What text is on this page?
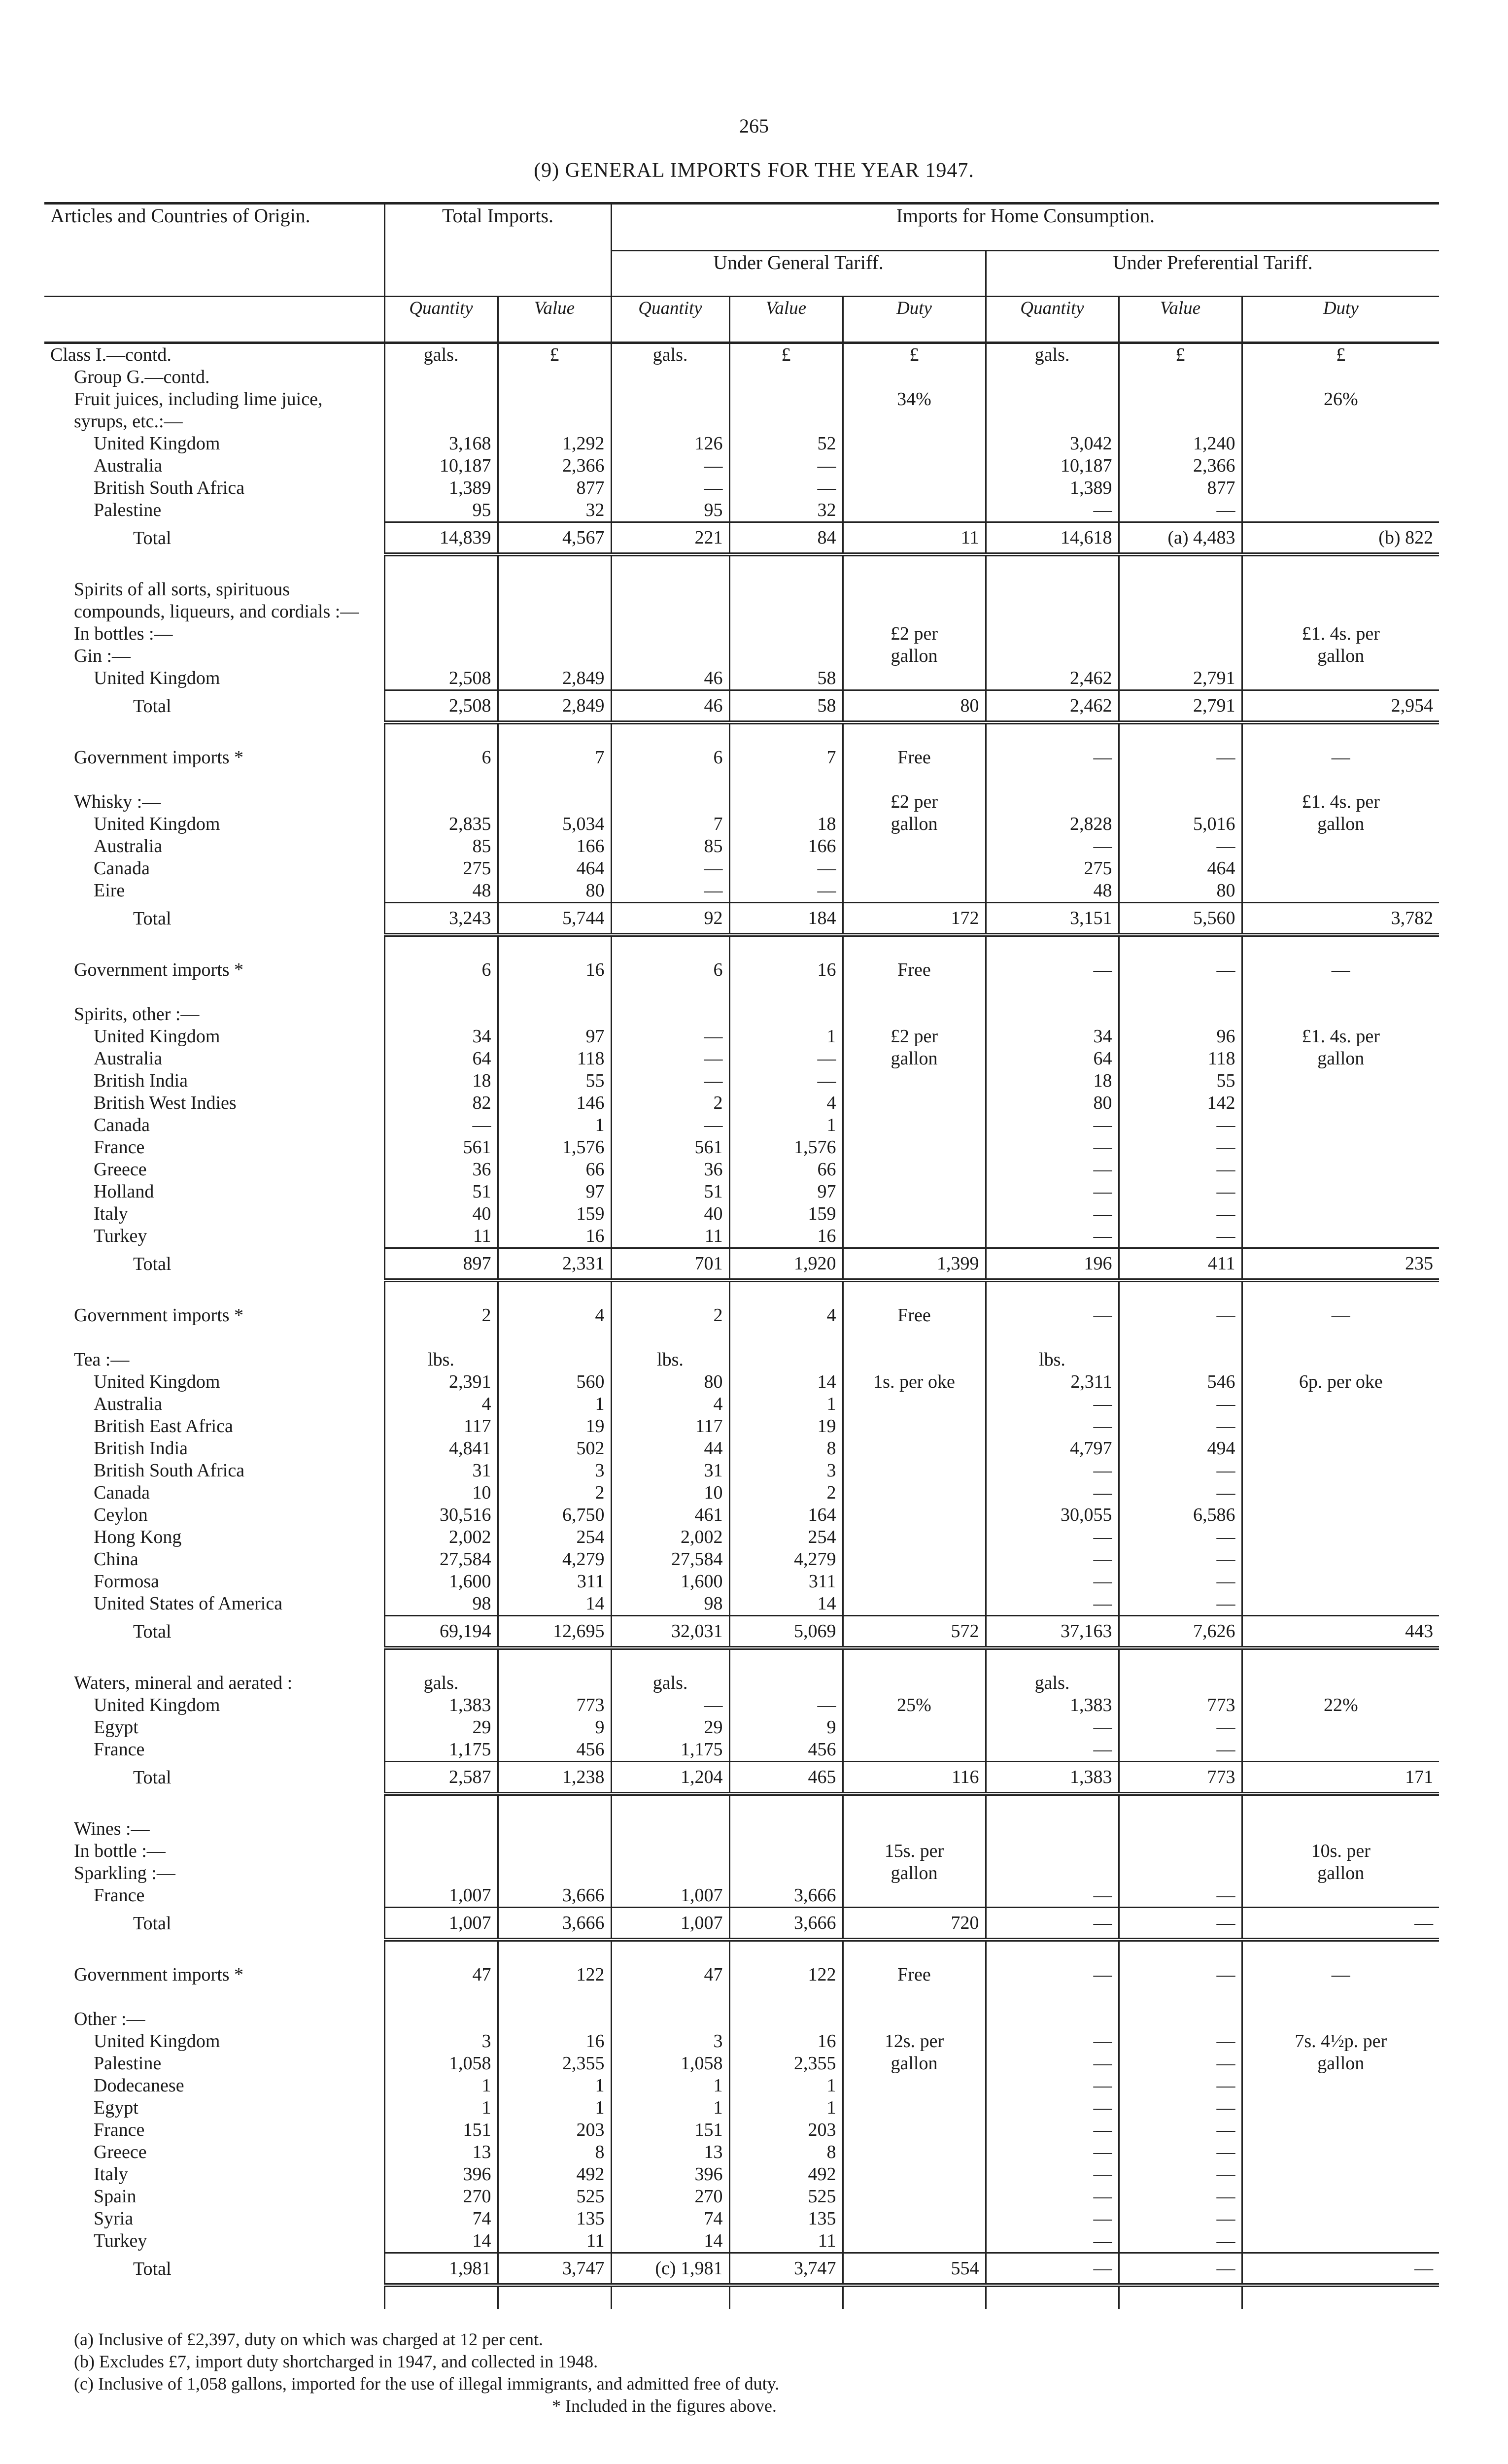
265
(9) GENERAL IMPORTS FOR THE YEAR 1947.
Articles and Countries of Origin.	Total Imports.		Imports for Home Consumption.					
			Under General Tariff.			Under Preferential Tariff.		
	Quantity	Value	Quantity	Value	Duty	Quantity	Value	Duty
Class I.—contd.	gals.	£	gals.	£	£	gals.	£	£
Group G.—contd.								
Fruit juices, including lime juice, syrups, etc.:—					34%			26%
United Kingdom	3,168	1,292	126	52		3,042	1,240	
Australia	10,187	2,366	—	—		10,187	2,366	
British South Africa	1,389	877	—	—		1,389	877	
Palestine	95	32	95	32		—	—	
Total	14,839	4,567	221	84	11	14,618	(a) 4,483	(b) 822

Spirits of all sorts, spirituous compounds, liqueurs, and cordials :—								
In bottles :—					£2 per			£1. 4s. per
Gin :—					gallon			gallon
United Kingdom	2,508	2,849	46	58		2,462	2,791	
Total	2,508	2,849	46	58	80	2,462	2,791	2,954

Government imports *	6	7	6	7	Free	—	—	—

Whisky :—					£2 per			£1. 4s. per
United Kingdom	2,835	5,034	7	18	gallon	2,828	5,016	gallon
Australia	85	166	85	166		—	—	
Canada	275	464	—	—		275	464	
Eire	48	80	—	—		48	80	
Total	3,243	5,744	92	184	172	3,151	5,560	3,782

Government imports *	6	16	6	16	Free	—	—	—

Spirits, other :—								
United Kingdom	34	97	—	1	£2 per	34	96	£1. 4s. per
Australia	64	118	—	—	gallon	64	118	gallon
British India	18	55	—	—		18	55	
British West Indies	82	146	2	4		80	142	
Canada	—	1	—	1		—	—	
France	561	1,576	561	1,576		—	—	
Greece	36	66	36	66		—	—	
Holland	51	97	51	97		—	—	
Italy	40	159	40	159		—	—	
Turkey	11	16	11	16		—	—	
Total	897	2,331	701	1,920	1,399	196	411	235

Government imports *	2	4	2	4	Free	—	—	—

Tea :—	lbs.		lbs.			lbs.		
United Kingdom	2,391	560	80	14	1s. per oke	2,311	546	6p. per oke
Australia	4	1	4	1		—	—	
British East Africa	117	19	117	19		—	—	
British India	4,841	502	44	8		4,797	494	
British South Africa	31	3	31	3		—	—	
Canada	10	2	10	2		—	—	
Ceylon	30,516	6,750	461	164		30,055	6,586	
Hong Kong	2,002	254	2,002	254		—	—	
China	27,584	4,279	27,584	4,279		—	—	
Formosa	1,600	311	1,600	311		—	—	
United States of America	98	14	98	14		—	—	
Total	69,194	12,695	32,031	5,069	572	37,163	7,626	443

Waters, mineral and aerated :	gals.		gals.			gals.		
United Kingdom	1,383	773	—	—	25%	1,383	773	22%
Egypt	29	9	29	9		—	—	
France	1,175	456	1,175	456		—	—	
Total	2,587	1,238	1,204	465	116	1,383	773	171

Wines :—								
In bottle :—					15s. per			10s. per
Sparkling :—					gallon			gallon
France	1,007	3,666	1,007	3,666		—	—	
Total	1,007	3,666	1,007	3,666	720	—	—	—

Government imports *	47	122	47	122	Free	—	—	—

Other :—								
United Kingdom	3	16	3	16	12s. per	—	—	7s. 4½p. per
Palestine	1,058	2,355	1,058	2,355	gallon	—	—	gallon
Dodecanese	1	1	1	1		—	—	
Egypt	1	1	1	1		—	—	
France	151	203	151	203		—	—	
Greece	13	8	13	8		—	—	
Italy	396	492	396	492		—	—	
Spain	270	525	270	525		—	—	
Syria	74	135	74	135		—	—	
Turkey	14	11	14	11		—	—	
Total	1,981	3,747	(c) 1,981	3,747	554	—	—	—

(a) Inclusive of £2,397, duty on which was charged at 12 per cent.
(b) Excludes £7, import duty shortcharged in 1947, and collected in 1948.
(c) Inclusive of 1,058 gallons, imported for the use of illegal immigrants, and admitted free of duty.
* Included in the figures above.
